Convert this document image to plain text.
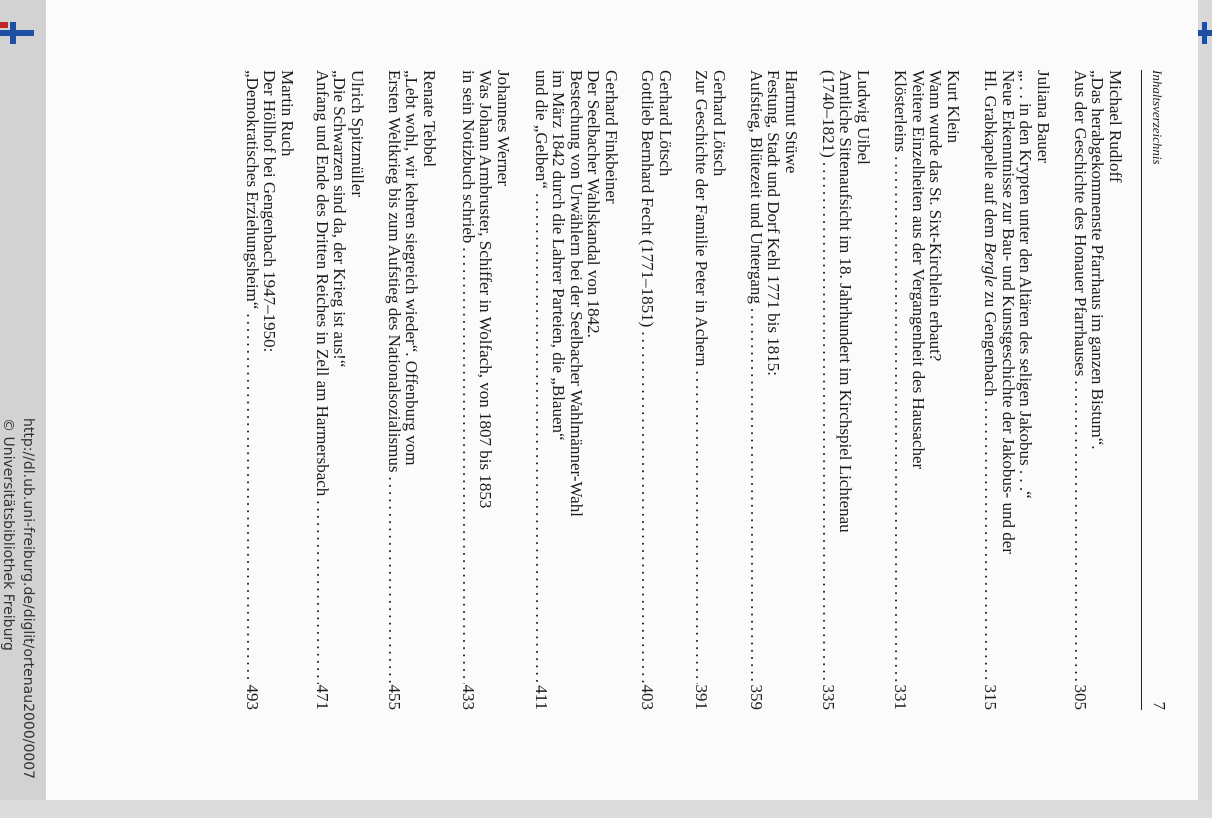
http://dl.ub.uni-freiburg.de/diglit/ortenau2000/0007
© Universitätsbibliothek Freiburg
Inhaltsverzeichnis
7
Michael Rudloff
„Das herabgekommenste Pfarrhaus im ganzen Bistum“.
Aus der Geschichte des Honauer Pfarrhauses
.....
305
Juliana Bauer
„. . . in den Krypten unter den Altären des seligen Jakobus . . .“
Neue Erkenntnisse zur Bau- und Kunstgeschichte der Jakobus- und der
Hl. Grabkapelle auf dem Bergle zu Gengenbach
.....
315
Kurt Klein
Wann wurde das St. Sixt-Kirchlein erbaut?
Weitere Einzelheiten aus der Vergangenheit des Hausacher
Klösterleins
.....
331
Ludwig Uibel
Amtliche Sittenaufsicht im 18. Jahrhundert im Kirchspiel Lichtenau
(1740–1821)
.....
335
Hartmut Stüwe
Festung, Stadt und Dorf Kehl 1771 bis 1815:
Aufstieg, Blütezeit und Untergang
.....
359
Gerhard Lötsch
Zur Geschichte der Familie Peter in Achern
.....
391
Gerhard Lötsch
Gottlieb Bernhard Fecht (1771–1851)
.....
403
Gerhard Finkbeiner
Der Seelbacher Wahlskandal von 1842.
Bestechung von Urwählern bei der Seelbacher Wahlmänner-Wahl
im März 1842 durch die Lahrer Parteien, die „Blauen“
und die „Gelben“
.....
411
Johannes Werner
Was Johann Armbruster, Schiffer in Wolfach, von 1807 bis 1853
in sein Notizbuch schrieb
.....
433
Renate Tebbel
„Lebt wohl, wir kehren siegreich wieder“. Offenburg vom
Ersten Weltkrieg bis zum Aufstieg des Nationalsozialismus
.....
455
Ulrich Spitzmüller
„Die Schwarzen sind da, der Krieg ist aus!“
Anfang und Ende des Dritten Reiches in Zell am Harmersbach
.....
471
Martin Ruch
Der Höllhof bei Gengenbach 1947–1950:
„Demokratisches Erziehungsheim“
.....
493
